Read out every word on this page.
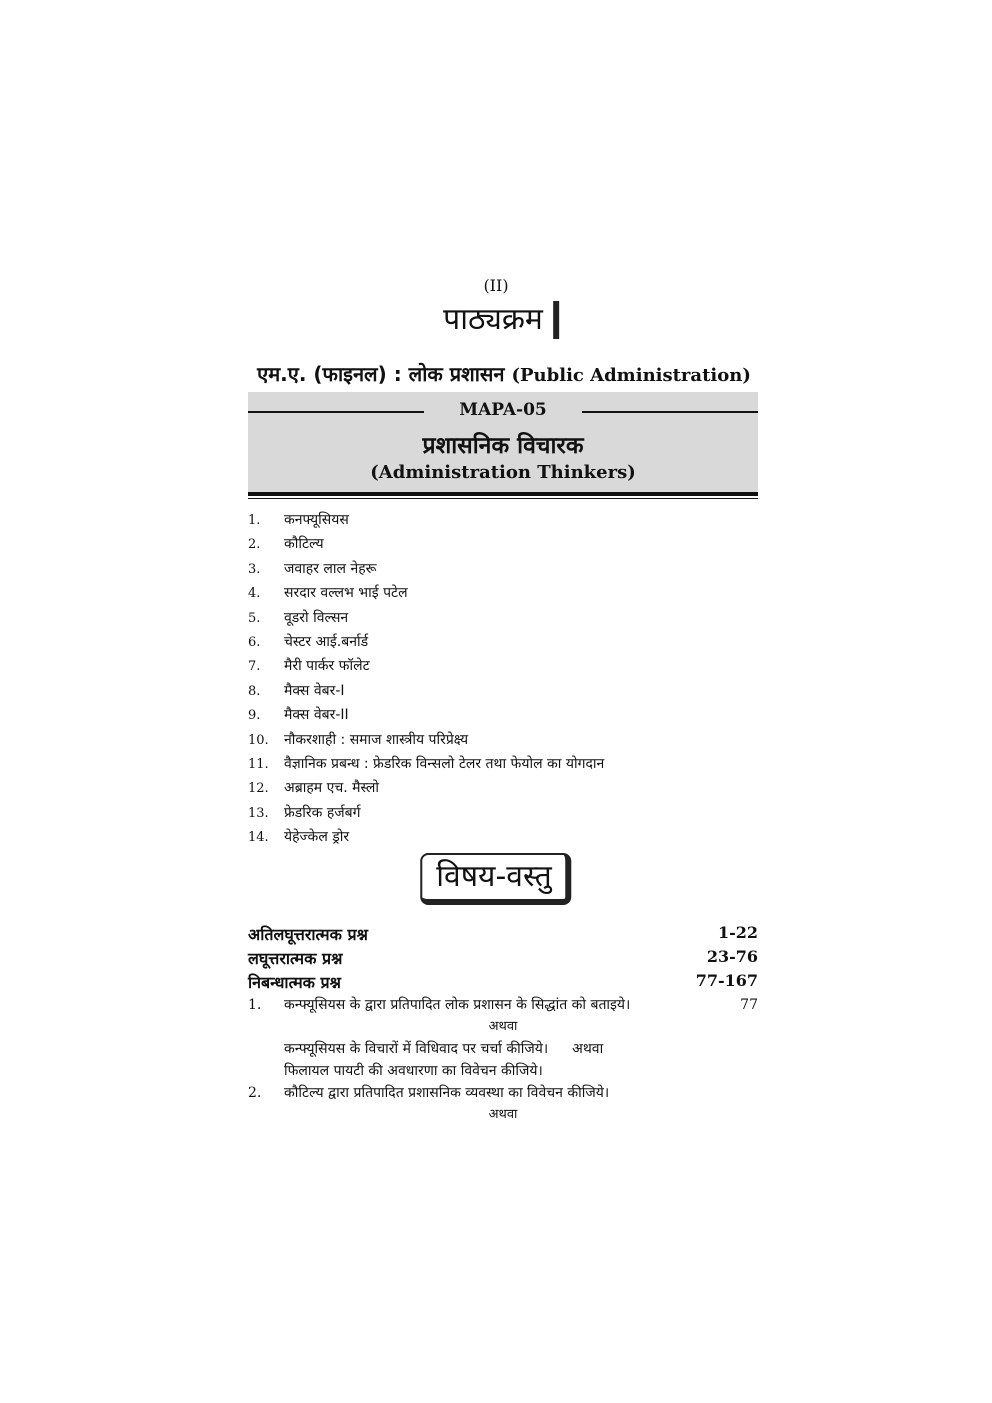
(II)
पाठ्यक्रम
एम.ए. (फाइनल) : लोक प्रशासन (Public Administration)
MAPA-05
प्रशासनिक विचारक
(Administration Thinkers)
1. कनफ्यूसियस
2. कौटिल्य
3. जवाहर लाल नेहरू
4. सरदार वल्लभ भाई पटेल
5. वूडरो विल्सन
6. चेस्टर आई.बर्नार्ड
7. मैरी पार्कर फॉलेट
8. मैक्स वेबर-I
9. मैक्स वेबर-II
10. नौकरशाही : समाज शास्त्रीय परिप्रेक्ष्य
11. वैज्ञानिक प्रबन्ध : फ्रेडरिक विन्सलो टेलर तथा फेयोल का योगदान
12. अब्राहम एच. मैस्लो
13. फ्रेडरिक हर्जबर्ग
14. येहेज्केल ड्रोर
विषय-वस्तु
अतिलघूत्तरात्मक प्रश्न	1-22
लघूत्तरात्मक प्रश्न	23-76
निबन्धात्मक प्रश्न	77-167
1.	कन्फ्यूसियस के द्वारा प्रतिपादित लोक प्रशासन के सिद्धांत को बताइये।	77
अथवा
कन्फ्यूसियस के विचारों में विधिवाद पर चर्चा कीजिये। अथवा
फिलायल पायटी की अवधारणा का विवेचन कीजिये।
2.	कौटिल्य द्वारा प्रतिपादित प्रशासनिक व्यवस्था का विवेचन कीजिये।
अथवा
